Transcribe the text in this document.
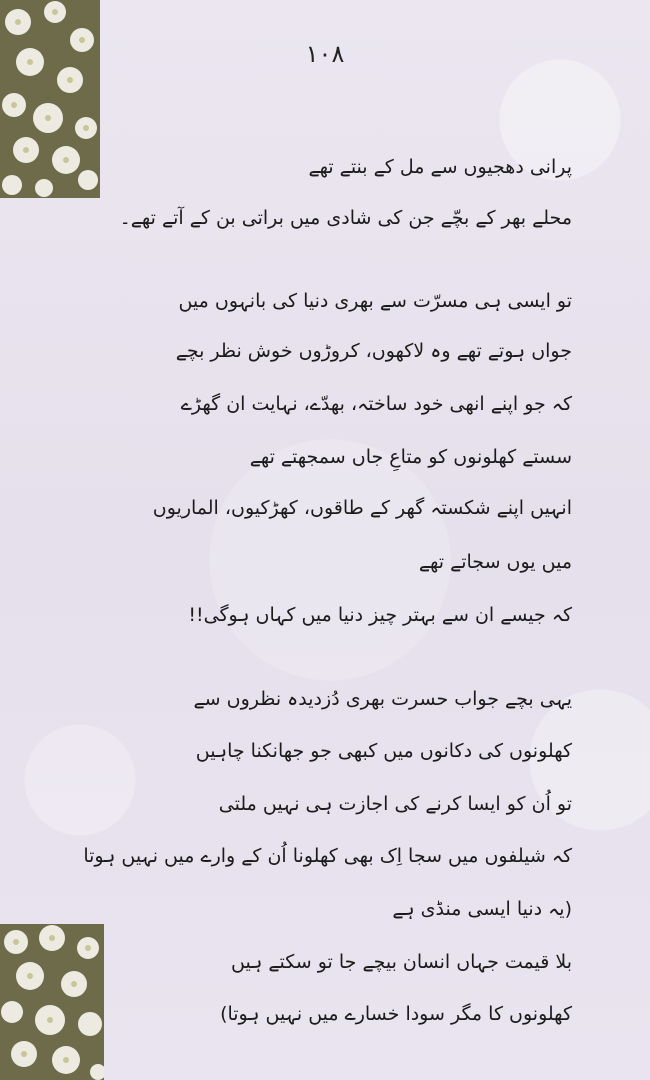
۱۰۸
پرانی دھجیوں سے مل کے بنتے تھے
محلے بھر کے بچّے جن کی شادی میں براتی بن کے آتے تھے۔
تو ایسی ہی مسرّت سے بھری دنیا کی بانہوں میں
جواں ہوتے تھے وہ لاکھوں، کروڑوں خوش نظر بچے
کہ جو اپنے انھی خود ساختہ، بھدّے، نہایت ان گھڑے
سستے کھلونوں کو متاعِ جاں سمجھتے تھے
انہیں اپنے شکستہ گھر کے طاقوں، کھڑکیوں، الماریوں
میں یوں سجاتے تھے
کہ جیسے ان سے بہتر چیز دنیا میں کہاں ہوگی!!
یہی بچے جواب حسرت بھری دُزدیدہ نظروں سے
کھلونوں کی دکانوں میں کبھی جو جھانکنا چاہیں
تو اُن کو ایسا کرنے کی اجازت ہی نہیں ملتی
کہ شیلفوں میں سجا اِک بھی کھلونا اُن کے وارے میں نہیں ہوتا
(یہ دنیا ایسی منڈی ہے
بلا قیمت جہاں انسان بیچے جا تو سکتے ہیں
کھلونوں کا مگر سودا خسارے میں نہیں ہوتا)
